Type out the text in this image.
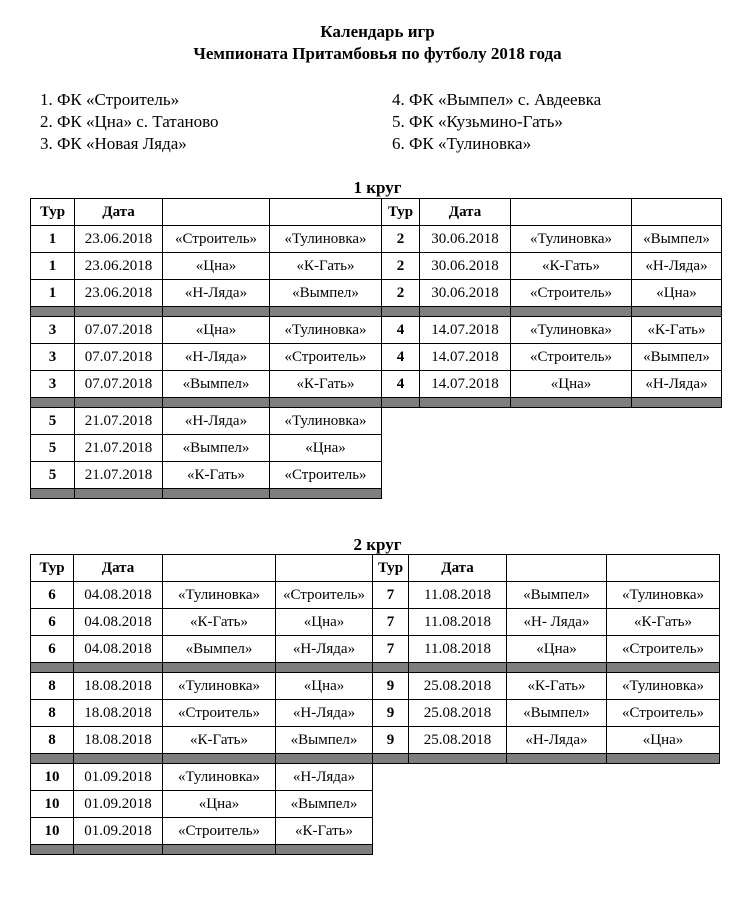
Календарь игр
Чемпионата Притамбовья по футболу 2018 года
1. ФК «Строитель»
2. ФК «Цна» с. Татаново
3. ФК «Новая Ляда»
4. ФК «Вымпел» с. Авдеевка
5. ФК «Кузьмино-Гать»
6. ФК «Тулиновка»
1 круг
Тур	Дата			Тур	Дата		
1	23.06.2018	«Строитель»	«Тулиновка»	2	30.06.2018	«Тулиновка»	«Вымпел»
1	23.06.2018	«Цна»	«К-Гать»	2	30.06.2018	«К-Гать»	«Н-Ляда»
1	23.06.2018	«Н-Ляда»	«Вымпел»	2	30.06.2018	«Строитель»	«Цна»

3	07.07.2018	«Цна»	«Тулиновка»	4	14.07.2018	«Тулиновка»	«К-Гать»
3	07.07.2018	«Н-Ляда»	«Строитель»	4	14.07.2018	«Строитель»	«Вымпел»
3	07.07.2018	«Вымпел»	«К-Гать»	4	14.07.2018	«Цна»	«Н-Ляда»

5	21.07.2018	«Н-Ляда»	«Тулиновка»				
5	21.07.2018	«Вымпел»	«Цна»				
5	21.07.2018	«К-Гать»	«Строитель»				

2 круг
Тур	Дата			Тур	Дата		
6	04.08.2018	«Тулиновка»	«Строитель»	7	11.08.2018	«Вымпел»	«Тулиновка»
6	04.08.2018	«К-Гать»	«Цна»	7	11.08.2018	«Н- Ляда»	«К-Гать»
6	04.08.2018	«Вымпел»	«Н-Ляда»	7	11.08.2018	«Цна»	«Строитель»

8	18.08.2018	«Тулиновка»	«Цна»	9	25.08.2018	«К-Гать»	«Тулиновка»
8	18.08.2018	«Строитель»	«Н-Ляда»	9	25.08.2018	«Вымпел»	«Строитель»
8	18.08.2018	«К-Гать»	«Вымпел»	9	25.08.2018	«Н-Ляда»	«Цна»

10	01.09.2018	«Тулиновка»	«Н-Ляда»				
10	01.09.2018	«Цна»	«Вымпел»				
10	01.09.2018	«Строитель»	«К-Гать»				
